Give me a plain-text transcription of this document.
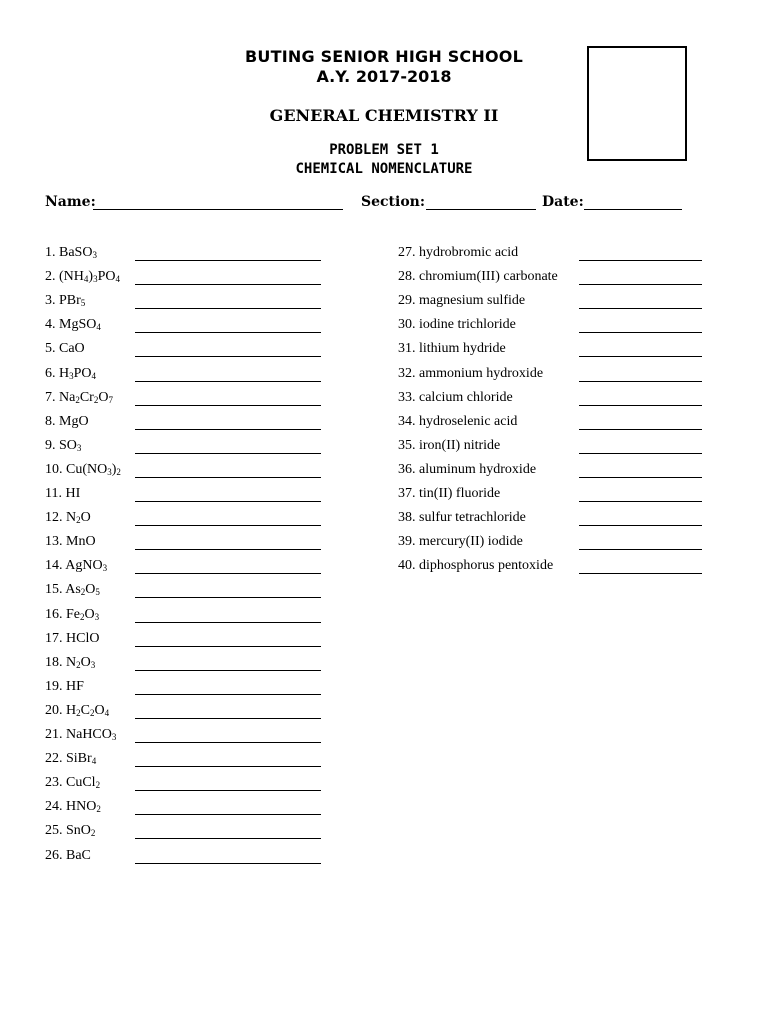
BUTING SENIOR HIGH SCHOOL
A.Y. 2017-2018
GENERAL CHEMISTRY II
PROBLEM SET 1
CHEMICAL NOMENCLATURE
Name:	Section:	Date:
1. BaSO$_3$
2. $(NH_4)_3PO_4$
3. PBr$_5$
4. MgSO$_4$
5. CaO
6. $H_3PO_4$
7. $Na_2Cr_2O_7$
8. MgO
9. $SO_3$
10. $Cu(NO_3)_2$
11. HI
12. $N_2O$
13. MnO
14. AgNO$_3$
15. $As_2O_5$
16. $Fe_2O_3$
17. HClO
18. $N_2O_3$
19. HF
20. $H_2C_2O_4$
21. NaHCO$_3$
22. SiBr$_4$
23. CuCl$_2$
24. $HNO_2$
25. SnO$_2$
26. BaC
27. hydrobromic acid
28. chromium(III) carbonate
29. magnesium sulfide
30. iodine trichloride
31. lithium hydride
32. ammonium hydroxide
33. calcium chloride
34. hydroselenic acid
35. iron(II) nitride
36. aluminum hydroxide
37. tin(II) fluoride
38. sulfur tetrachloride
39. mercury(II) iodide
40. diphosphorus pentoxide
